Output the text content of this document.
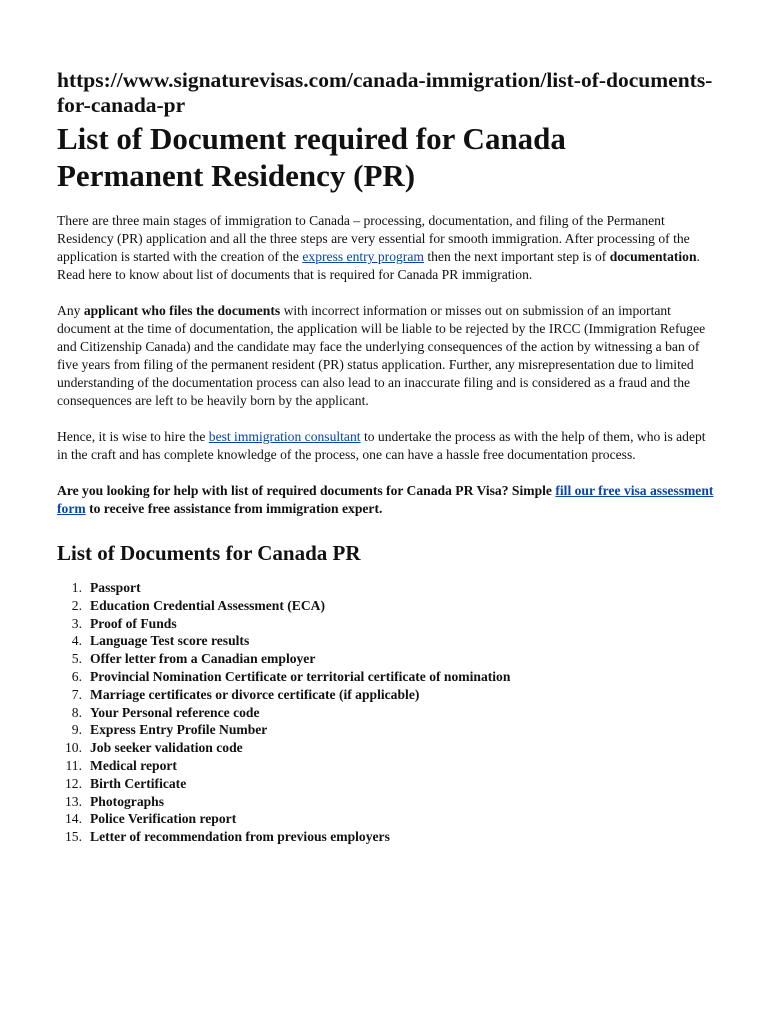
https://www.signaturevisas.com/canada-immigration/list-of-documents-for-canada-pr

List of Document required for Canada Permanent Residency (PR)

There are three main stages of immigration to Canada – processing, documentation, and filing of the Permanent Residency (PR) application and all the three steps are very essential for smooth immigration. After processing of the application is started with the creation of the express entry program then the next important step is of documentation. Read here to know about list of documents that is required for Canada PR immigration.

Any applicant who files the documents with incorrect information or misses out on submission of an important document at the time of documentation, the application will be liable to be rejected by the IRCC (Immigration Refugee and Citizenship Canada) and the candidate may face the underlying consequences of the action by witnessing a ban of five years from filing of the permanent resident (PR) status application. Further, any misrepresentation due to limited understanding of the documentation process can also lead to an inaccurate filing and is considered as a fraud and the consequences are left to be heavily born by the applicant.

Hence, it is wise to hire the best immigration consultant to undertake the process as with the help of them, who is adept in the craft and has complete knowledge of the process, one can have a hassle free documentation process.

Are you looking for help with list of required documents for Canada PR Visa? Simple fill our free visa assessment form to receive free assistance from immigration expert.

List of Documents for Canada PR
1. Passport
2. Education Credential Assessment (ECA)
3. Proof of Funds
4. Language Test score results
5. Offer letter from a Canadian employer
6. Provincial Nomination Certificate or territorial certificate of nomination
7. Marriage certificates or divorce certificate (if applicable)
8. Your Personal reference code
9. Express Entry Profile Number
10. Job seeker validation code
11. Medical report
12. Birth Certificate
13. Photographs
14. Police Verification report
15. Letter of recommendation from previous employers
